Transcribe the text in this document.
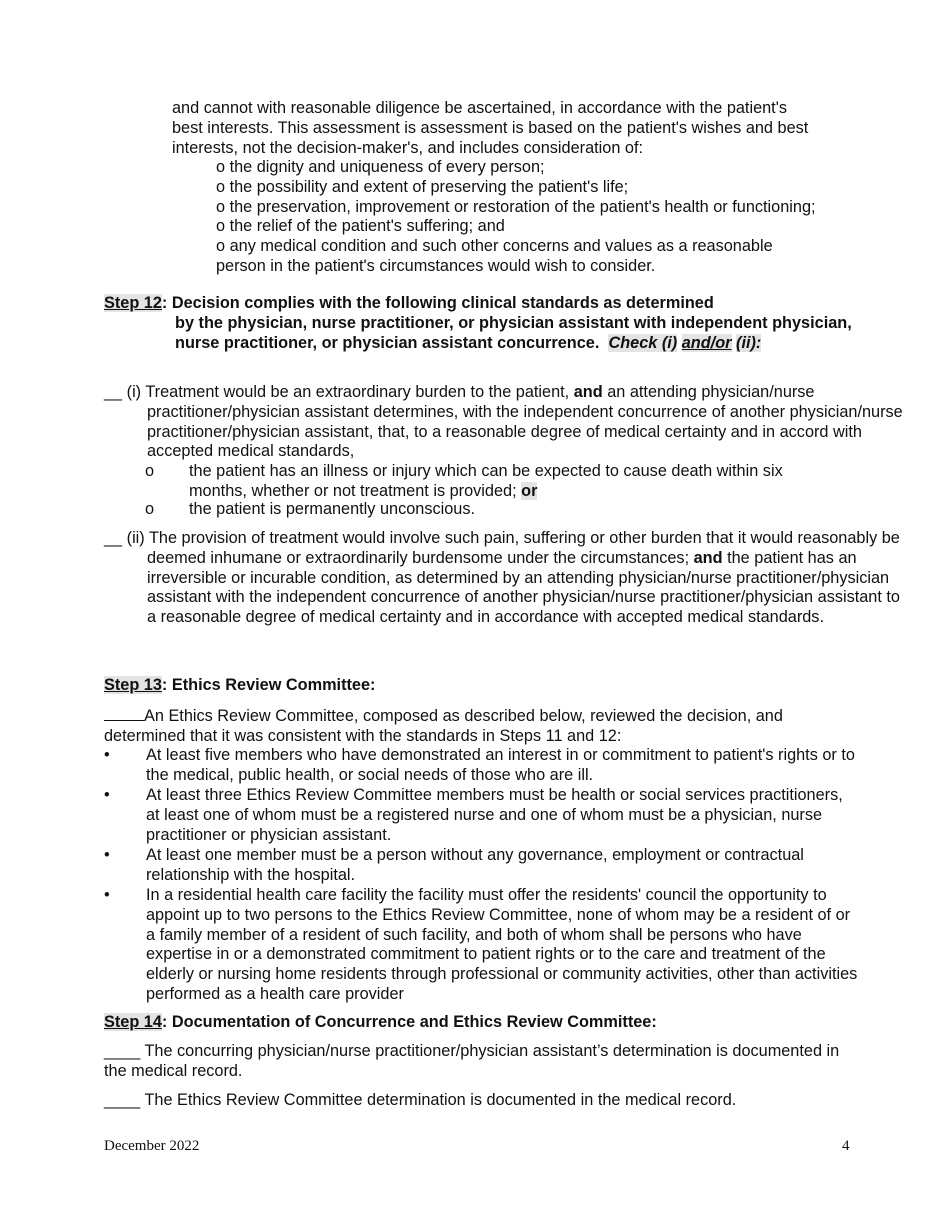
and cannot with reasonable diligence be ascertained, in accordance with the patient's
best interests. This assessment is assessment is based on the patient's wishes and best
interests, not the decision-maker's, and includes consideration of:
o the dignity and uniqueness of every person;
o the possibility and extent of preserving the patient's life;
o the preservation, improvement or restoration of the patient's health or functioning;
o the relief of the patient's suffering; and
o any medical condition and such other concerns and values as a reasonable
person in the patient's circumstances would wish to consider.
Step 12: Decision complies with the following clinical standards as determined
by the physician, nurse practitioner, or physician assistant with independent physician, nurse practitioner, or physician assistant concurrence. Check (i) and/or (ii):
__ (i) Treatment would be an extraordinary burden to the patient, and an attending physician/nurse practitioner/physician assistant determines, with the independent concurrence of another physician/nurse practitioner/physician assistant, that, to a reasonable degree of medical certainty and in accord with accepted medical standards,
o the patient has an illness or injury which can be expected to cause death within six months, whether or not treatment is provided; or
o the patient is permanently unconscious.
__ (ii) The provision of treatment would involve such pain, suffering or other burden that it would reasonably be deemed inhumane or extraordinarily burdensome under the circumstances; and the patient has an irreversible or incurable condition, as determined by an attending physician/nurse practitioner/physician assistant with the independent concurrence of another physician/nurse practitioner/physician assistant to a reasonable degree of medical certainty and in accordance with accepted medical standards.
Step 13: Ethics Review Committee:
An Ethics Review Committee, composed as described below, reviewed the decision, and determined that it was consistent with the standards in Steps 11 and 12:
• At least five members who have demonstrated an interest in or commitment to patient's rights or to the medical, public health, or social needs of those who are ill.
• At least three Ethics Review Committee members must be health or social services practitioners, at least one of whom must be a registered nurse and one of whom must be a physician, nurse practitioner or physician assistant.
• At least one member must be a person without any governance, employment or contractual relationship with the hospital.
• In a residential health care facility the facility must offer the residents' council the opportunity to appoint up to two persons to the Ethics Review Committee, none of whom may be a resident of or a family member of a resident of such facility, and both of whom shall be persons who have expertise in or a demonstrated commitment to patient rights or to the care and treatment of the elderly or nursing home residents through professional or community activities, other than activities performed as a health care provider
Step 14: Documentation of Concurrence and Ethics Review Committee:
____ The concurring physician/nurse practitioner/physician assistant’s determination is documented in the medical record.
____ The Ethics Review Committee determination is documented in the medical record.
December 2022	4
